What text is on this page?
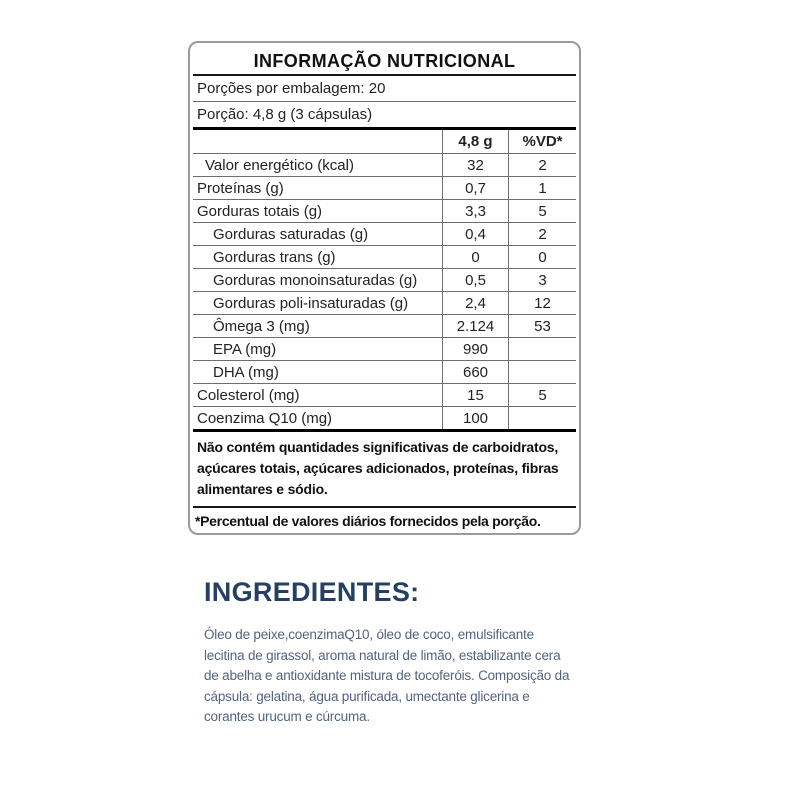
INFORMAÇÃO NUTRICIONAL
Porções por embalagem: 20
Porção: 4,8 g (3 cápsulas)
4,8 g	%VD*
Valor energético (kcal)	32	2
Proteínas (g)	0,7	1
Gorduras totais (g)	3,3	5
Gorduras saturadas (g)	0,4	2
Gorduras trans (g)	0	0
Gorduras monoinsaturadas (g)	0,5	3
Gorduras poli-insaturadas (g)	2,4	12
Ômega 3 (mg)	2.124	53
EPA (mg)	990
DHA (mg)	660
Colesterol (mg)	15	5
Coenzima Q10 (mg)	100
Não contém quantidades significativas de carboidratos, açúcares totais, açúcares adicionados, proteínas, fibras alimentares e sódio.
*Percentual de valores diários fornecidos pela porção.
INGREDIENTES:
Óleo de peixe,coenzimaQ10, óleo de coco, emulsificante
lecitina de girassol, aroma natural de limão, estabilizante cera
de abelha e antioxidante mistura de tocoferóis. Composição da
cápsula: gelatina, água purificada, umectante glicerina e
corantes urucum e cúrcuma.
